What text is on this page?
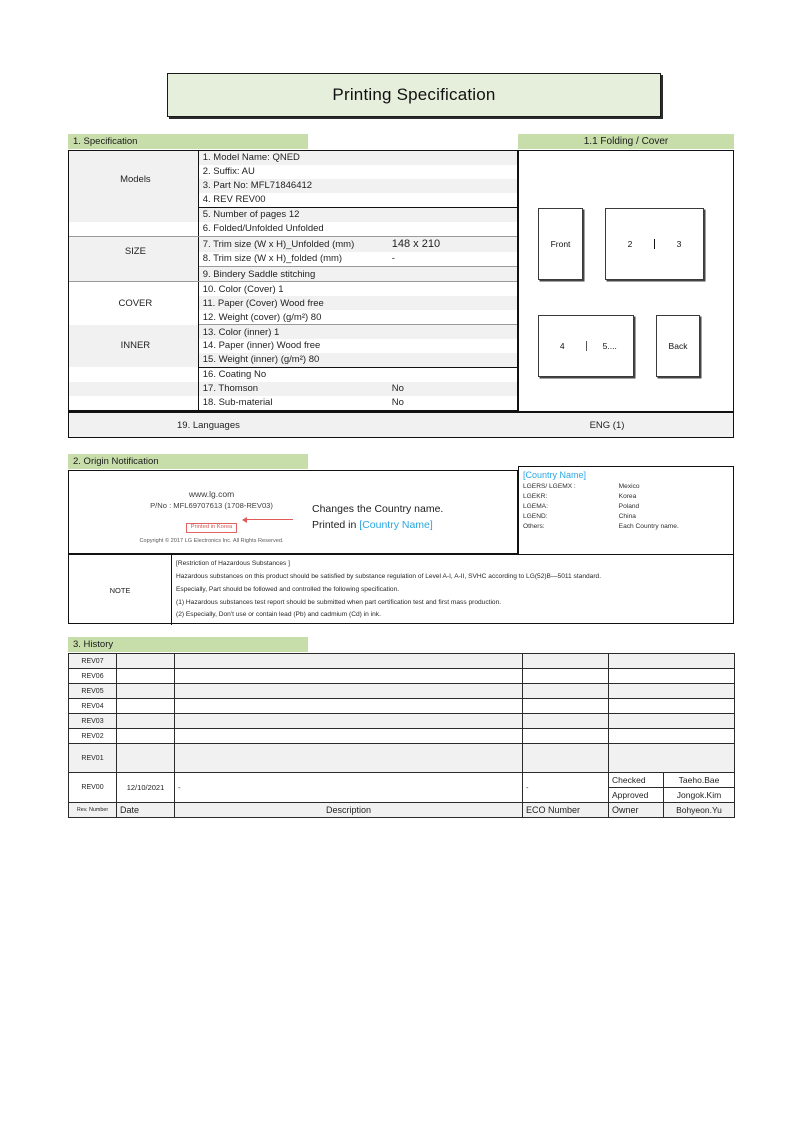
Printing Specification
1. Specification	1.1 Folding / Cover
Models	1. Model Name: QNED	
	2. Suffix: AU	
	3. Part No: MFL71846412	
	4. REV REV00	
	5. Number of pages 12	
	6. Folded/Unfolded Unfolded	
SIZE	7. Trim size (W x H)_Unfolded (mm)	148 x 210
	8. Trim size (W x H)_folded (mm)	-
	9. Bindery Saddle stitching	
COVER	10. Color (Cover) 1	
	11. Paper (Cover) Wood free	
	12. Weight (cover) (g/m²) 80	
INNER	13. Color (inner) 1	
	14. Paper (inner) Wood free	
	15. Weight (inner) (g/m²) 80	
	16. Coating No	
	17. Thomson	No
	18. Sub-material	No
	19. Languages	ENG (1)
Front	2	3
4	5....	Back
2. Origin Notification
www.lg.com
P/No : MFL69707613 (1708-REV03)
Printed in Korea
Copyright © 2017 LG Electronics Inc. All Rights Reserved.
Changes the Country name.
Printed in [Country Name]
[Country Name]
LGERS/ LGEMX :	Mexico
LGEKR:	Korea
LGEMA:	Poland
LGEND:	China
Others:	Each Country name.
NOTE	
[Restriction of Hazardous Substances ]
Hazardous substances on this product should be satisfied by substance regulation of Level A-I, A-II, SVHC according to LG(52)B—5011 standard.
Especially, Part should be followed and controlled the following specification.
(1) Hazardous substances test report should be submitted when part certification test and first mass production.
(2) Especially, Don't use or contain lead (Pb) and cadmium (Cd) in ink.
3. History
REV07					
REV06					
REV05					
REV04					
REV03					
REV02					
REV01					
REV00	12/10/2021	-	-	Checked	Taeho.Bae
				Approved	Jongok.Kim
Rev. Number	Date	Description	ECO Number	Owner	Bohyeon.Yu
